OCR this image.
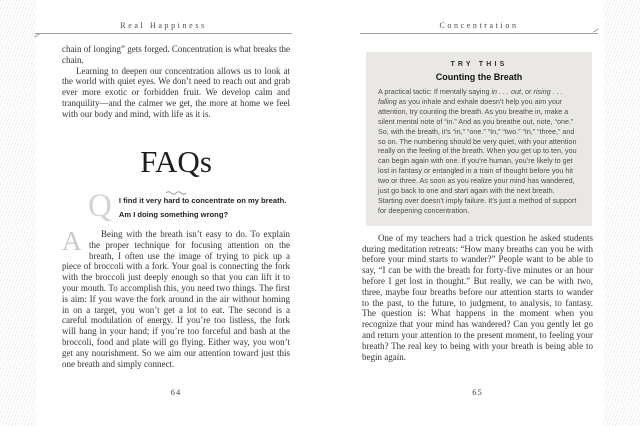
Real Happiness

chain of longing” gets forged. Concentration is what breaks the chain.

Learning to deepen our concentration allows us to look at the world with quiet eyes. We don’t need to reach out and grab ever more exotic or forbidden fruit. We develop calm and tranquility—and the calmer we get, the more at home we feel with our body and mind, with life as it is.

FAQs
Q I find it very hard to concentrate on my breath.
Am I doing something wrong?
A	Being with the breath isn’t easy to do. To explain the proper technique for focusing attention on the breath, I often use the image of trying to pick up a piece of broccoli with a fork. Your goal is connecting the fork with the broccoli just deeply enough so that you can lift it to your mouth. To accomplish this, you need two things. The first is aim: If you wave the fork around in the air without homing in on a target, you won’t get a lot to eat. The second is a careful modulation of energy. If you’re too listless, the fork will hang in your hand; if you’re too forceful and bash at the broccoli, food and plate will go flying. Either way, you won’t get any nourishment. So we aim our attention toward just this one breath and simply connect.

64
Concentration
TRY THIS
Counting the Breath
A practical tactic: If mentally saying in . . . out, or rising . . . falling as you inhale and exhale doesn’t help you aim your attention, try counting the breath. As you breathe in, make a silent mental note of “in.” And as you breathe out, note, “one.” So, with the breath, it’s “in,” “one.” “In,” “two.” “In,” “three,” and so on. The numbering should be very quiet, with your attention really on the feeling of the breath. When you get up to ten, you can begin again with one. If you’re human, you’re likely to get lost in fantasy or entangled in a train of thought before you hit two or three. As soon as you realize your mind has wandered, just go back to one and start again with the next breath. Starting over doesn’t imply failure. It’s just a method of support for deepening concentration.
One of my teachers had a trick question he asked students during meditation retreats: “How many breaths can you be with before your mind starts to wander?” People want to be able to say, “I can be with the breath for forty-five minutes or an hour before I get lost in thought.” But really, we can be with two, three, maybe four breaths before our attention starts to wander to the past, to the future, to judgment, to analysis, to fantasy. The question is: What happens in the moment when you recognize that your mind has wandered? Can you gently let go and return your attention to the present moment, to feeling your breath? The real key to being with your breath is being able to begin again.
65
